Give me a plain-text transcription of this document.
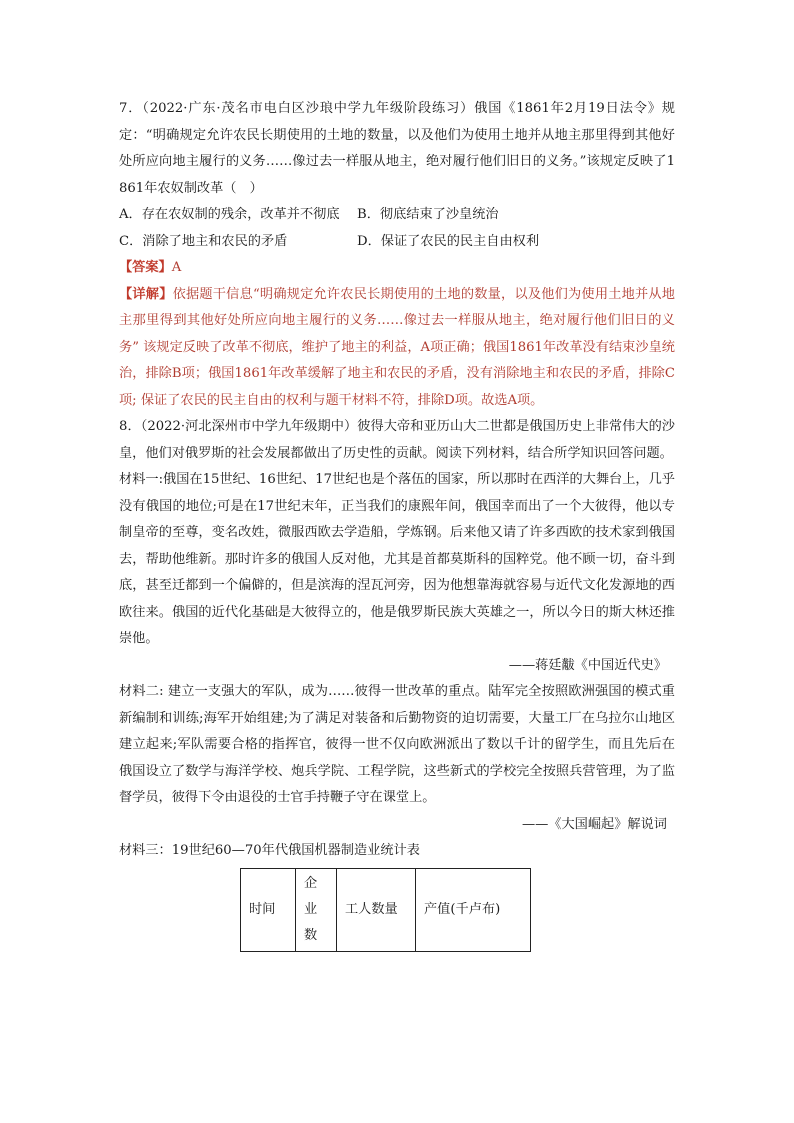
7．（2022·广东·茂名市电白区沙琅中学九年级阶段练习）俄国《1861年2月19日法令》规定：“明确规定允许农民长期使用的土地的数量，以及他们为使用土地并从地主那里得到其他好处所应向地主履行的义务……像过去一样服从地主，绝对履行他们旧日的义务。”该规定反映了1861年农奴制改革（　）

A．存在农奴制的残余，改革并不彻底	B．彻底结束了沙皇统治
C．消除了地主和农民的矛盾	D．保证了农民的民主自由权利

【答案】A

【详解】依据题干信息“明确规定允许农民长期使用的土地的数量，以及他们为使用土地并从地主那里得到其他好处所应向地主履行的义务……像过去一样服从地主，绝对履行他们旧日的义务” 该规定反映了改革不彻底，维护了地主的利益，A项正确；俄国1861年改革没有结束沙皇统治，排除B项；俄国1861年改革缓解了地主和农民的矛盾，没有消除地主和农民的矛盾，排除C项; 保证了农民的民主自由的权利与题干材料不符，排除D项。故选A项。

8．（2022·河北深州市中学九年级期中）彼得大帝和亚历山大二世都是俄国历史上非常伟大的沙皇，他们对俄罗斯的社会发展都做出了历史性的贡献。阅读下列材料，结合所学知识回答问题。

材料一:俄国在15世纪、16世纪、17世纪也是个落伍的国家，所以那时在西洋的大舞台上，几乎没有俄国的地位;可是在17世纪末年，正当我们的康熙年间，俄国幸而出了一个大彼得，他以专制皇帝的至尊，变名改姓，微服西欧去学造船，学炼钢。后来他又请了许多西欧的技术家到俄国去，帮助他维新。那时许多的俄国人反对他，尤其是首都莫斯科的国粹党。他不顾一切，奋斗到底，甚至迁都到一个偏僻的，但是滨海的涅瓦河旁，因为他想靠海就容易与近代文化发源地的西欧往来。俄国的近代化基础是大彼得立的，他是俄罗斯民族大英雄之一，所以今日的斯大林还推崇他。

——蒋廷黻《中国近代史》

材料二: 建立一支强大的军队，成为……彼得一世改革的重点。陆军完全按照欧洲强国的模式重新编制和训练;海军开始组建;为了满足对装备和后勤物资的迫切需要，大量工厂在乌拉尔山地区建立起来;军队需要合格的指挥官，彼得一世不仅向欧洲派出了数以千计的留学生，而且先后在俄国设立了数学与海洋学校、炮兵学院、工程学院，这些新式的学校完全按照兵营管理，为了监督学员，彼得下令由退役的士官手持鞭子守在课堂上。

——《大国崛起》解说词

材料三：19世纪60—70年代俄国机器制造业统计表

时间	企业数	工人数量	产值(千卢布)
